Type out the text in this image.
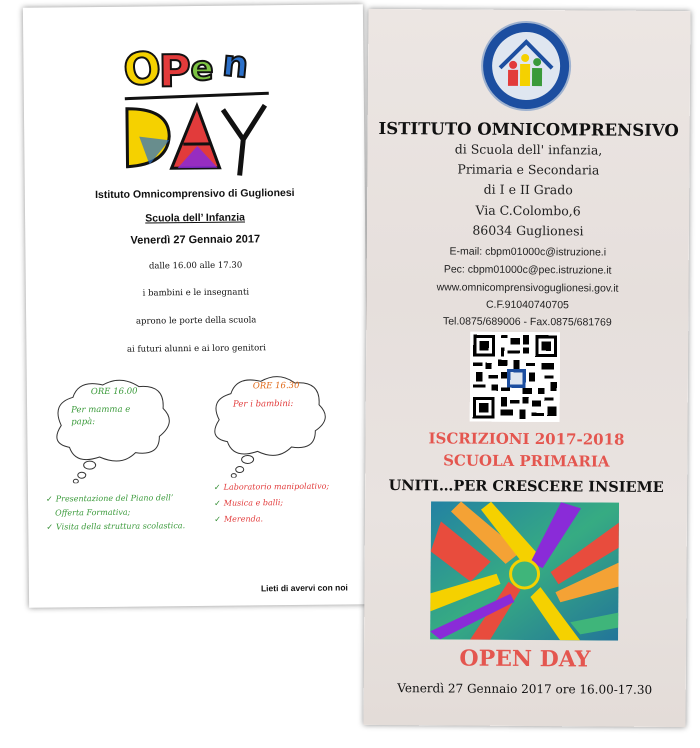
O
P e n
Istituto Omnicomprensivo di Guglionesi
Scuola dell’ Infanzia
Venerdì 27 Gennaio 2017
dalle 16.00 alle 17.30
i bambini e le insegnanti
aprono le porte della scuola
ai futuri alunni e ai loro genitori
ORE 16.00
Per mamma e
papà:
ORE 16.30
Per i bambini:
✓ Presentazione del Piano dell’
Offerta Formativa;
✓ Visita della struttura scolastica.
✓ Laboratorio manipolativo;
✓ Musica e balli;
✓ Merenda.
Lieti di avervi con noi
ISTITUTO OMNICOMPRENSIVO
di Scuola dell' infanzia,
Primaria e Secondaria
di I e II Grado
Via C.Colombo,6
86034 Guglionesi
E-mail: cbpm01000c@istruzione.i
Pec: cbpm01000c@pec.istruzione.it
www.omnicomprensivoguglionesi.gov.it
C.F.91040740705
Tel.0875/689006 - Fax.0875/681769
ISCRIZIONI 2017-2018
SCUOLA PRIMARIA
UNITI…PER CRESCERE INSIEME
OPEN DAY
Venerdì 27 Gennaio 2017 ore 16.00-17.30
